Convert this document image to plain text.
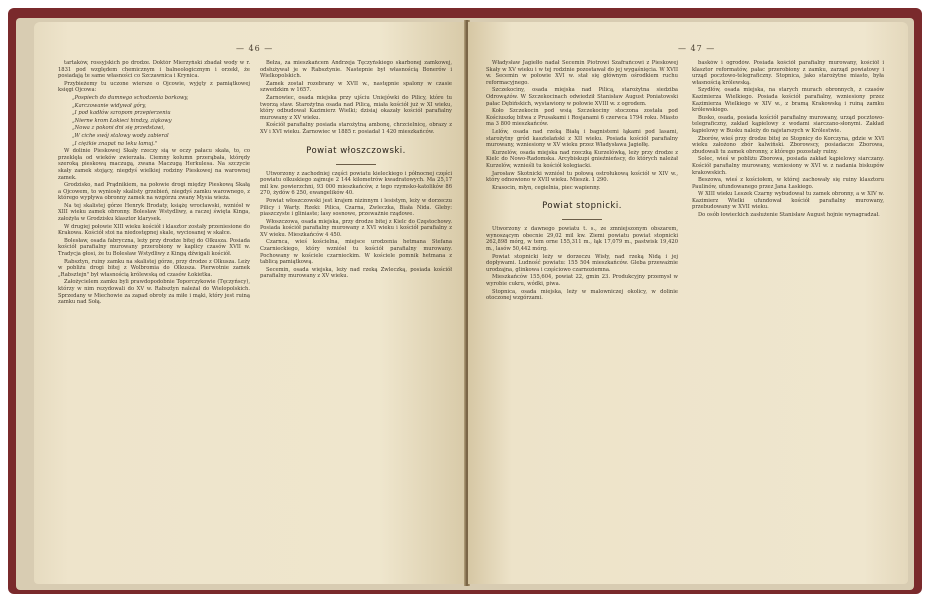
— 46 —

tartaków, rossyjskich po drodze. Doktór Mierzyński zbadał wody w r. 1831 pod względem chemicznym i balneologicznym i orzekł, że posiadają te same własności co Szczawnica i Krynica.

Przybieżemy tu uczone wiersze o Ojcowie, wyjęty z pamiątkowej księgi Ojcowa:

„Pospiech do dumnego schodzenia borkowy,

„Karczowanie widywał góry,

„I pod kadłów szropom przepierzeniu

„Nierne krom Łokieci hindzy, ziąkowy

„Nowa z pokoni dni się przedstawi,

„W ciche swój stalowy wody zabieral

„I ciężkie znapat na leku łamuj."

W dolinie Pieskowej Skały rzeczy sią w oczy pałacu skała, to, co przeklęła od wieków zwierzała. Ciemny kolumn przerąbała, którędy szeroką pieskową maczugą, zwana Maczugą Herkulesa. Na szczycie skały zamek stojący, niegdyś wielkiej rodziny Pieskowej na warownej zamek.

Grodzisko, nad Prądnikiem, na połowie drogi między Pieskową Skałą a Ojcowem, to wyniosły skalisty grzebień, niegdyś zamku warownego, z którego wypływa obronny zamek na wzgórzu zwany Mysia wieża.

Na tej skalistej górze Henryk Brodaty, książę wrocławski, wzniósł w XIII wieku zamek obronny. Bolesław Wstydliwy, a raczej święta Kinga, założyła w Grodzisku klasztor klarysek.

W drugiej połowie XIII wieku kościół i klasztor zostały przeniesione do Krakowa. Kościół stoi na niedostępnej skale, wyciosanej w skałce.

Bolesław, osada fabryczna, leży przy drodze bitej do Olkusza. Posiada kościół parafialny murowany przerobiony w kaplicy czasów XVII w. Tradycja głosi, że tu Bolesław Wstydliwy z Kingą dźwigali kościół.

Rabsztyn, ruiny zamku na skalistej górze, przy drodze z Olkusza. Leży w pobliżu drogi bitej z Wolbromia do Olkusza. Pierwotnie zamek „Rabsztejn" był własnością królewską od czasów Łokietka.

Założycielem zamku byli prawdopodobnie Toporczykowie (Tęczyńscy), którzy w nim rezydowali do XV w. Rabsztyn należał do Wielopolskich. Sprzedany w Miechowie za zapad obroty za miłe i mąki, który jest ruiną zamku nad Sołą.

Bełza, za mieszkańcem Andrzeja Tęczyńskiego skarbonej zamkowej, odsłużywał je w Rabsztynie. Nastepnie był własnością Bonerów i Wielkopolskich.

Zamek został rozebrany w XVII w., następnie spalony w czasie szwedzkim w 1657.

Żarnowiec, osada miejska przy ujściu Uniejówki do Pilicy, które tu tworzą staw. Starożytna osada nad Pilicą, miała kościół już w XI wieku, który odbudował Kazimierz Wielki; dzisiaj okazały kościół parafialny murowany z XV wieku.

Kościół parafialny posiada starożytną ambonę, chrzcielnicę, obrazy z XV i XVI wieku. Żarnowiec w 1885 r. posiadał 1 420 mieszkańców.

Powiat włoszczowski.

Utworzony z zachodniej części powiatu kieleckiego i północnej części powiatu olkuskiego zajmuje 2 144 kilometrów kwadratowych. Ma 25,17 mil kw. powierzchni, 93 000 mieszkańców, z tego rzymsko-katolików 86 270, żydów 6 250, ewangelików 40.

Powiat włoszczowski jest krajem nizinnym i lesistym, leży w dorzeczu Pilicy i Warty. Rzeki: Pilica, Czarna, Zwleczka, Biała Nida. Gleby: piaszczyste i gliniaste; lasy sosnowe, przeważnie rządowe.

Włoszczowa, osada miejska, przy drodze bitej z Kielc do Częstochowy. Posiada kościół parafialny murowany z XVI wieku i kościół parafialny z XV wieku. Mieszkańców 4 450.

Czarnca, wieś kościelna, miejsce urodzenia hetmana Stefana Czarnieckiego, który wzniósł tu kościół parafialny murowany. Pochowany w kościele czarnieckim. W kościele pomnik hetmana z tablicą pamiątkową.

Secemin, osada wiejska, leży nad rzeką Zwleczką, posiada kościół parafialny murowany z XV wieku.

— 47 —

Władysław Jagiełło nadał Secemin Piotrowi Szafrańcowi z Pieskowej Skały w XV wieku i w tej rodzinie pozostawał do jej wygaśnięcia. W XVII w. Secemin w połowie XVI w. stał się głównym ośrodkiem ruchu reformacyjnego.

Szczekociny, osada miejska nad Pilicą, starożytna siedziba Odrowążów. W Szczekocinach odwiedził Stanisław August Poniatowski pałac Dębińskich, wystawiony w połowie XVIII w. z ogrodem.

Koło Szczekocin pod wsią Szczekociny stoczona została pod Kościuszkę bitwa z Prusakami i Rosjanami 6 czerwca 1794 roku. Miasto ma 3 800 mieszkańców.

Lelów, osada nad rzeką Białą i bagnistemi łąkami pod lasami, starożytny gród kasztelański z XII wieku. Posiada kościół parafialny murowany, wzniesiony w XV wieku przez Władysława Jagiełłę.

Kurzelów, osada miejska nad rzeczką Kurzelówką, leży przy drodze z Kielc do Nowo-Radomska. Arcybiskupi gnieźnieńscy, do których należał Kurzelów, wznieśli tu kościół kolegiacki.

Jarosław Skotnicki wzniósł tu połową ostrołukową kościół w XIV w., który odnowiono w XVII wieku. Mieszk. 1 290.

Krasocin, młyn, cegielnia, piec wapienny.

Powiat stopnicki.

Utworzony z dawnego powiatu t. s., ze zmniejszonym obszarem, wynoszącym obecnie 29,02 mil kw. Ziemi powiatu powiat stopnicki 262,898 mórg, w tem orne 155,311 m., łąk 17,079 m., pastwisk 19,420 m., lasów 50,442 mórg.

Powiat stopnicki leży w dorzeczu Wisły, nad rzeką Nidą i jej dopływami. Ludność powiatu: 155 504 mieszkańców. Gleba przeważnie urodzajna, glinkowa i częściowo czarnoziemna.

Mieszkańców 155,604, powiat 22, gmin 23. Produkcyjny przemysł w wyrobie cukru, wódki, piwa.

Stopnica, osada miejska, leży w malowniczej okolicy, w dolinie otoczonej wzgórzami.

basków i ogrodów. Posiada kościół parafialny murowany, kościół i klasztor reformatów, pałac przerobiony z zamku, zarząd powiatowy i urząd pocztowo-telegraficzny. Stopnica, jako starożytne miasto, była własnością królewską.

Szydłów, osada miejska, na starych murach obronnych, z czasów Kazimierza Wielkiego. Posiada kościół parafialny, wzniesiony przez Kazimierza Wielkiego w XIV w., z bramą Krakowską i ruiną zamku królewskiego.

Busko, osada, posiada kościół parafialny murowany, urząd pocztowo-telegraficzny, zakład kąpielowy z wodami siarczano-słonymi. Zakład kąpielowy w Busku należy do najstarszych w Królestwie.

Zborów, wieś przy drodze bitej ze Stopnicy do Korczyna, gdzie w XVI wieku założono zbór kalwiński. Zborowscy, posiadacze Zborowa, zbudowali tu zamek obronny, z którego pozostały ruiny.

Solec, wieś w pobliżu Zborowa, posiada zakład kąpielowy siarczany. Kościół parafialny murowany, wzniesiony w XVI w. z nadania biskupów krakowskich.

Beszowa, wieś z kościołem, w której zachowały się ruiny klasztoru Paulinów, ufundowanego przez Jana Łaskiego.

W XIII wieku Leszek Czarny wybudował tu zamek obronny, a w XIV w. Kazimierz Wielki ufundował kościół parafialny murowany, przebudowany w XVII wieku.

Do osób łowieckich zasłużenie Stanisław August hojnie wynagradzał.
